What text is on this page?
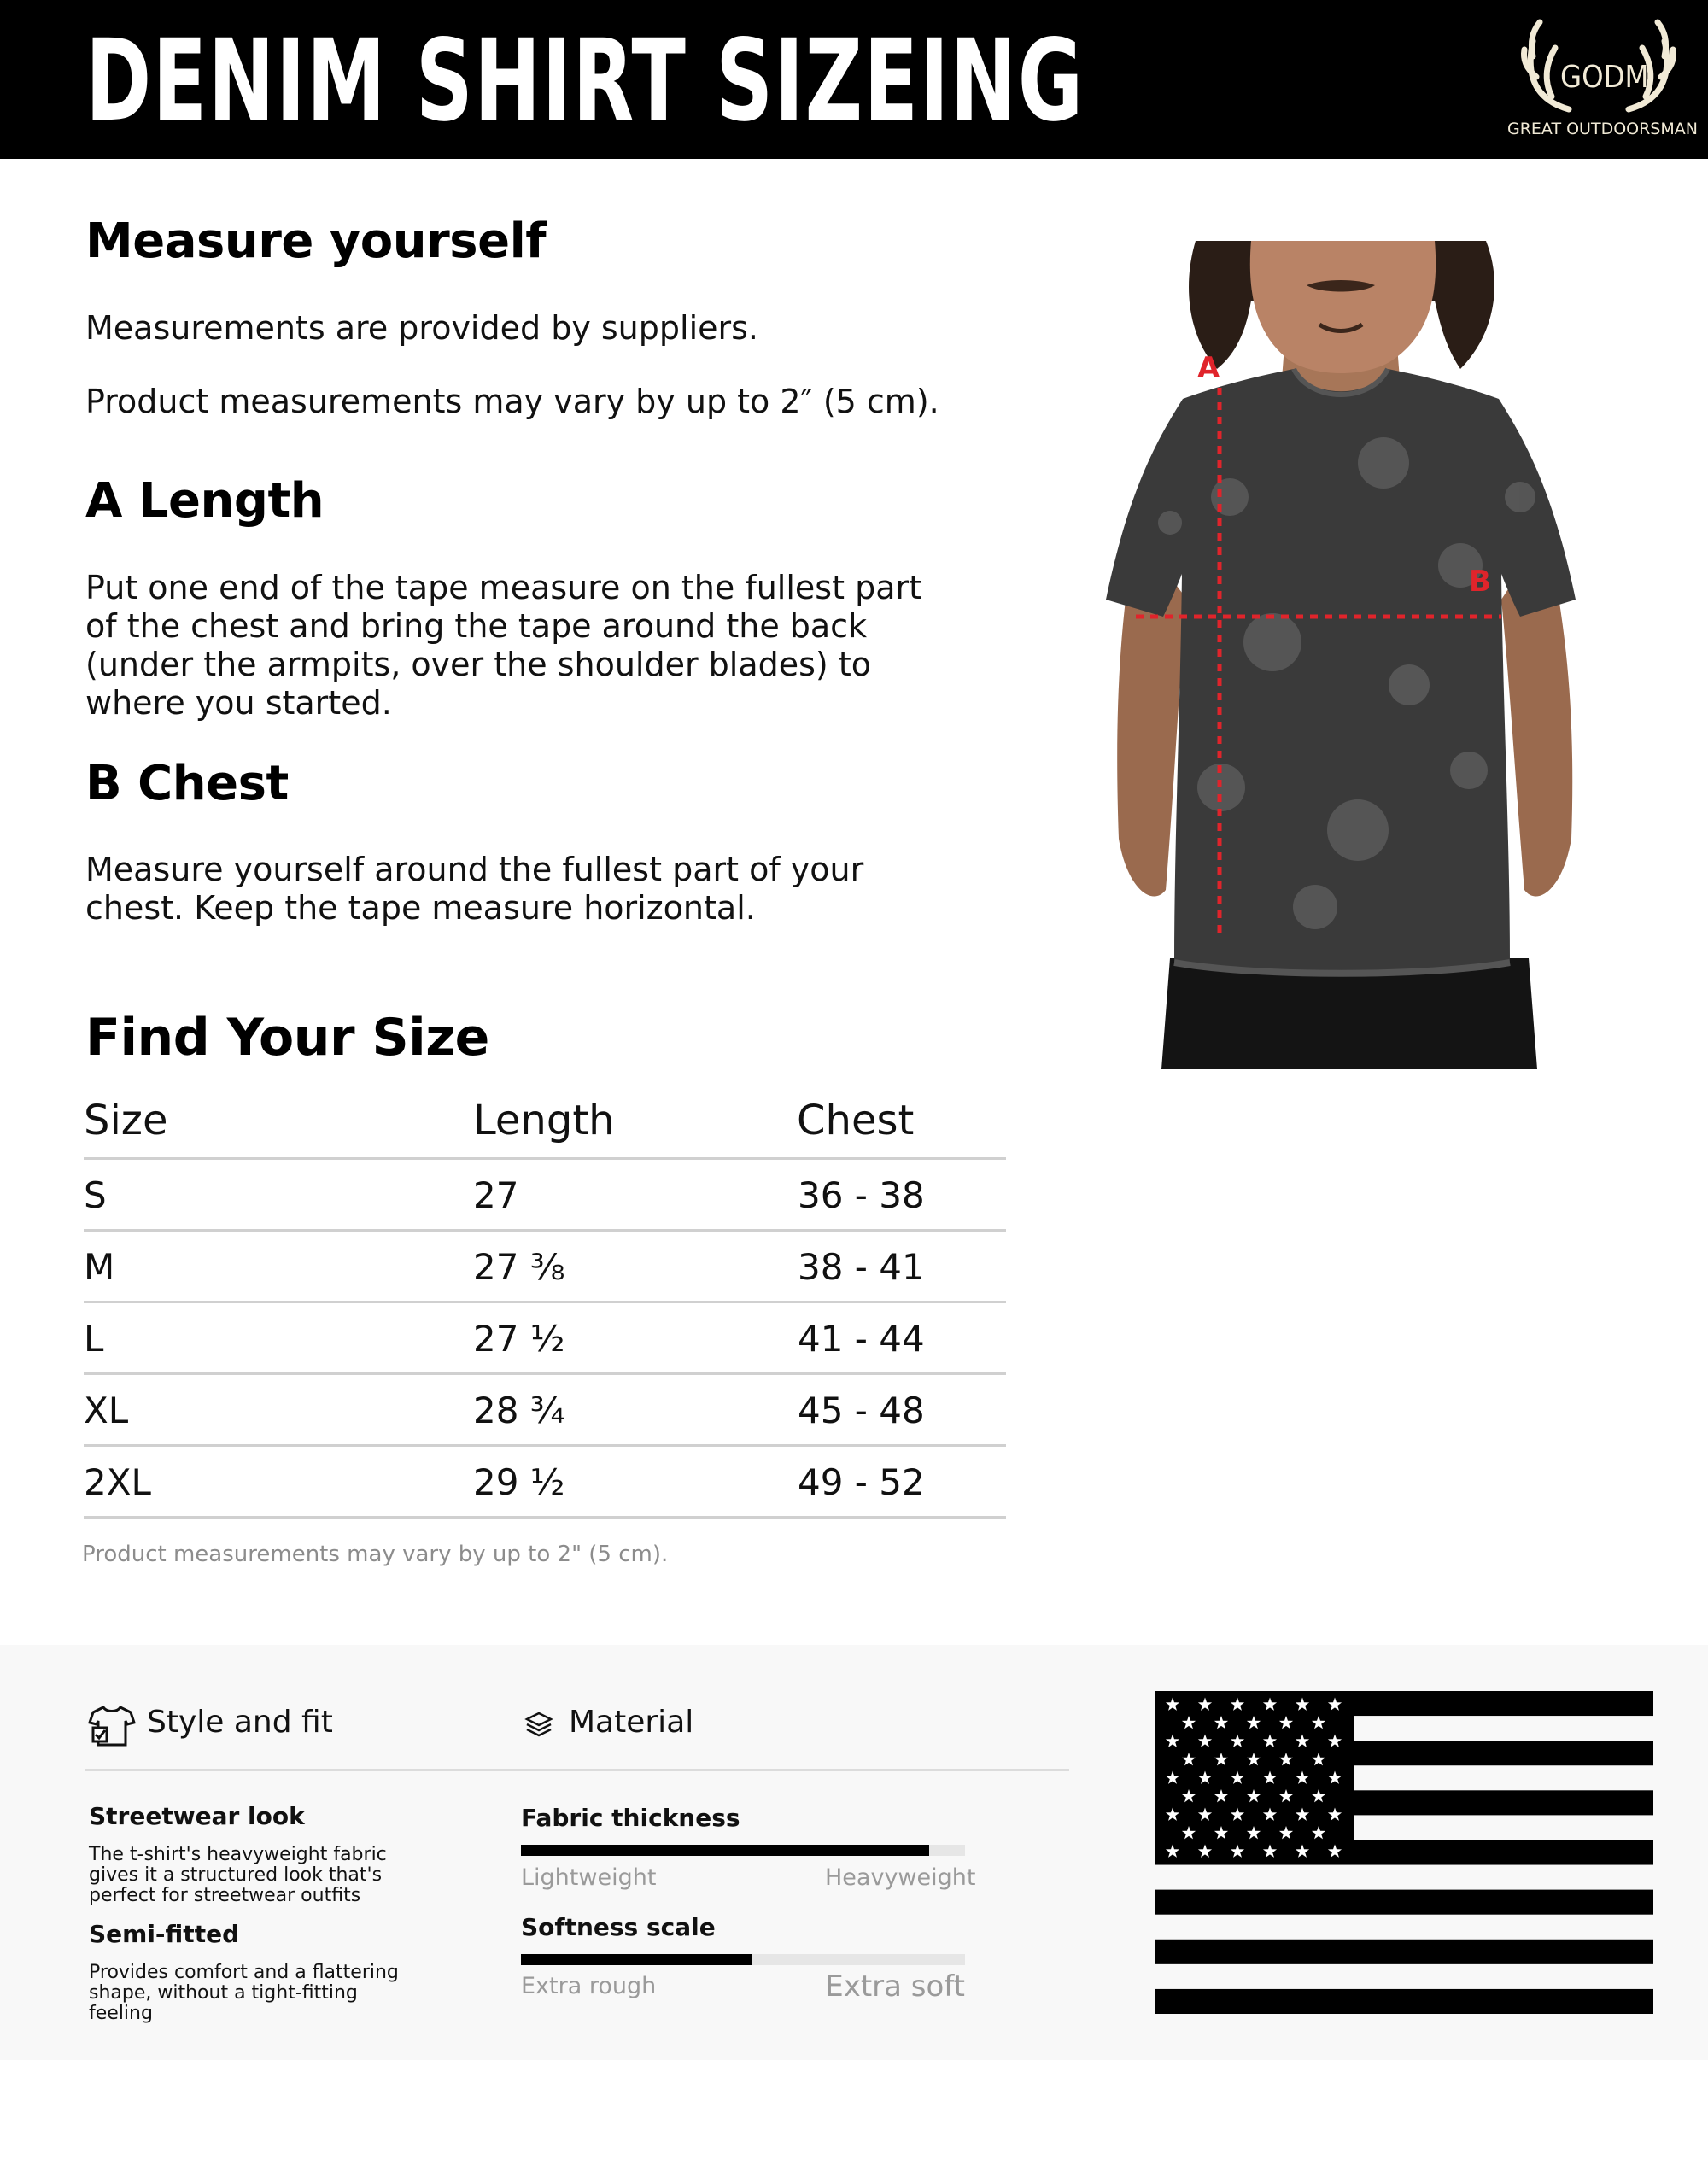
DENIM SHIRT SIZEING	GODM
GREAT OUTDOORSMAN
Measure yourself
Measurements are provided by suppliers.
Product measurements may vary by up to 2″ (5 cm).
A Length
Put one end of the tape measure on the fullest part of the chest and bring the tape around the back (under the armpits, over the shoulder blades) to where you started.
B Chest
Measure yourself around the fullest part of your chest. Keep the tape measure horizontal.
Find Your Size
Size	Length	Chest
S	27	36 - 38
M	27 ⅜	38 - 41
L	27 ½	41 - 44
XL	28 ¾	45 - 48
2XL	29 ½	49 - 52
Product measurements may vary by up to 2" (5 cm).
A
B
Style and fit	Material
Streetwear look
The t-shirt's heavyweight fabric gives it a structured look that's perfect for streetwear outfits
Semi-fitted
Provides comfort and a flattering shape, without a tight-fitting feeling
Fabric thickness
Lightweight	Heavyweight
Softness scale
Extra rough	Extra soft
